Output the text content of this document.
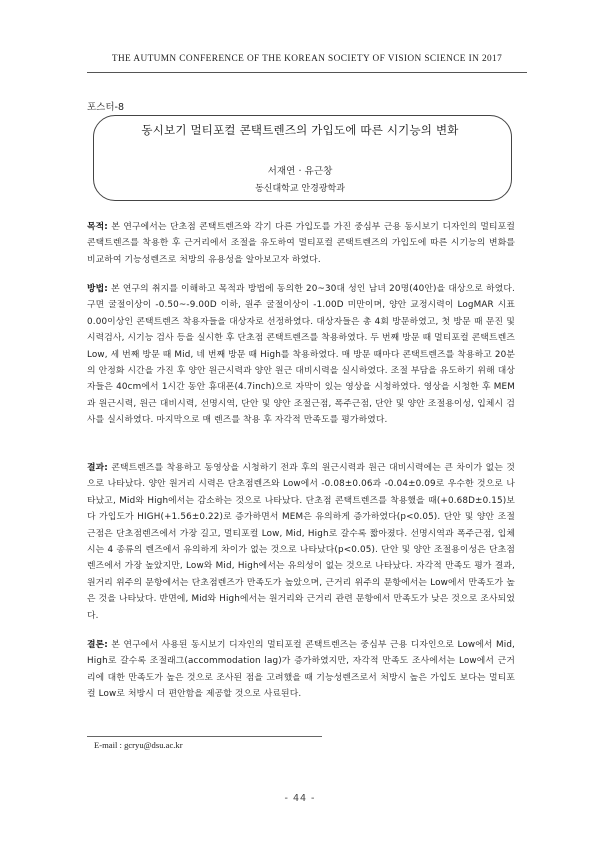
THE AUTUMN CONFERENCE OF THE KOREAN SOCIETY OF VISION SCIENCE IN 2017
포스터-8
동시보기 멀티포컬 콘택트렌즈의 가입도에 따른 시기능의 변화
서재연 · 유근창
동신대학교 안경광학과
목적: 본 연구에서는 단초점 콘택트렌즈와 각기 다른 가입도를 가진 중심부 근용 동시보기 디자인의 멀티포컬 콘택트렌즈를 착용한 후 근거리에서 조절을 유도하여 멀티포컬 콘택트렌즈의 가입도에 따른 시기능의 변화를 비교하여 기능성렌즈로 처방의 유용성을 알아보고자 하였다.
방법: 본 연구의 취지를 이해하고 목적과 방법에 동의한 20~30대 성인 남녀 20명(40안)을 대상으로 하였다. 구면 굴절이상이 -0.50~-9.00D 이하, 원주 굴절이상이 -1.00D 미만이며, 양안 교정시력이 LogMAR 시표 0.00이상인 콘택트렌즈 착용자들을 대상자로 선정하였다. 대상자들은 총 4회 방문하였고, 첫 방문 때 문진 및 시력검사, 시기능 검사 등을 실시한 후 단초점 콘택트렌즈를 착용하였다. 두 번째 방문 때 멀티포컬 콘택트렌즈 Low, 세 번째 방문 때 Mid, 네 번째 방문 때 High를 착용하였다. 매 방문 때마다 콘택트렌즈를 착용하고 20분의 안정화 시간을 가진 후 양안 원근시력과 양안 원근 대비시력을 실시하였다. 조절 부담을 유도하기 위해 대상자들은 40cm에서 1시간 동안 휴대폰(4.7inch)으로 자막이 있는 영상을 시청하였다. 영상을 시청한 후 MEM과 원근시력, 원근 대비시력, 선명시역, 단안 및 양안 조절근점, 폭주근점, 단안 및 양안 조절용이성, 입체시 검사를 실시하였다. 마지막으로 매 렌즈를 착용 후 자각적 만족도를 평가하였다.
결과: 콘택트렌즈를 착용하고 동영상을 시청하기 전과 후의 원근시력과 원근 대비시력에는 큰 차이가 없는 것으로 나타났다. 양안 원거리 시력은 단초점렌즈와 Low에서 -0.08±0.06과 -0.04±0.09로 우수한 것으로 나타났고, Mid와 High에서는 감소하는 것으로 나타났다. 단초점 콘택트렌즈를 착용했을 때(+0.68D±0.15)보다 가입도가 HIGH(+1.56±0.22)로 증가하면서 MEM은 유의하게 증가하였다(p<0.05). 단안 및 양안 조절근점은 단초점렌즈에서 가장 길고, 멀티포컬 Low, Mid, High로 갈수록 짧아졌다. 선명시역과 폭주근점, 입체시는 4 종류의 렌즈에서 유의하게 차이가 없는 것으로 나타났다(p<0.05). 단안 및 양안 조절용이성은 단초점렌즈에서 가장 높았지만, Low와 Mid, High에서는 유의성이 없는 것으로 나타났다. 자각적 만족도 평가 결과, 원거리 위주의 문항에서는 단초점렌즈가 만족도가 높았으며, 근거리 위주의 문항에서는 Low에서 만족도가 높은 것을 나타났다. 반면에, Mid와 High에서는 원거리와 근거리 관련 문항에서 만족도가 낮은 것으로 조사되었다.
결론: 본 연구에서 사용된 동시보기 디자인의 멀티포컬 콘택트렌즈는 중심부 근용 디자인으로 Low에서 Mid, High로 갈수록 조절래그(accommodation lag)가 증가하였지만, 자각적 만족도 조사에서는 Low에서 근거리에 대한 만족도가 높은 것으로 조사된 점을 고려했을 때 기능성렌즈로서 처방시 높은 가입도 보다는 멀티포컬 Low로 처방시 더 편안함을 제공할 것으로 사료된다.
E-mail : gcryu@dsu.ac.kr
- 44 -
